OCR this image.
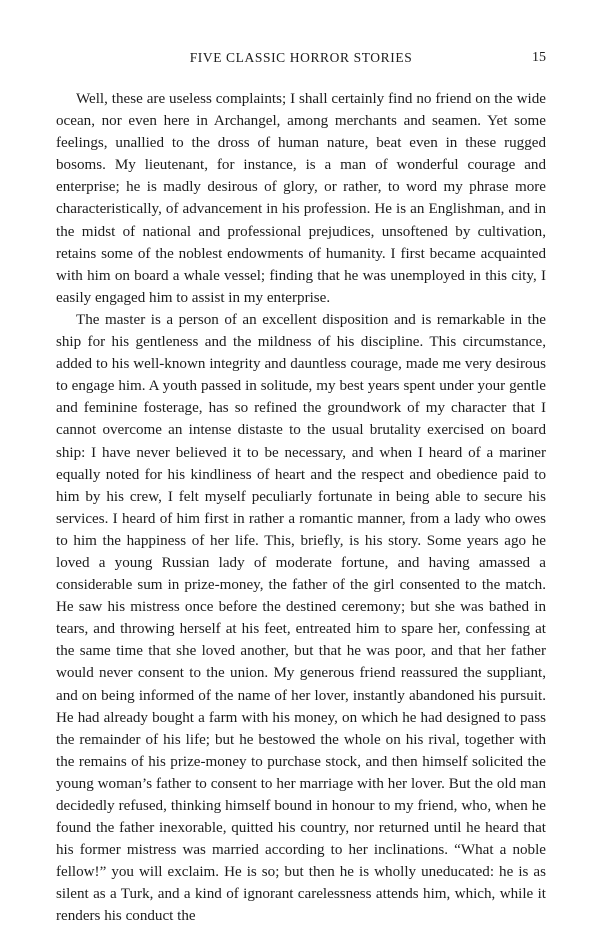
FIVE CLASSIC HORROR STORIES	15

Well, these are useless complaints; I shall certainly find no friend on the wide ocean, nor even here in Archangel, among merchants and seamen. Yet some feelings, unallied to the dross of human nature, beat even in these rugged bosoms. My lieutenant, for instance, is a man of wonderful courage and enterprise; he is madly desirous of glory, or rather, to word my phrase more characteristically, of advancement in his profession. He is an Englishman, and in the midst of national and professional prejudices, unsoftened by cultivation, retains some of the noblest endowments of humanity. I first became acquainted with him on board a whale vessel; finding that he was unemployed in this city, I easily engaged him to assist in my enterprise.

The master is a person of an excellent disposition and is remarkable in the ship for his gentleness and the mildness of his discipline. This circumstance, added to his well-known integrity and dauntless courage, made me very desirous to engage him. A youth passed in solitude, my best years spent under your gentle and feminine fosterage, has so refined the groundwork of my character that I cannot overcome an intense distaste to the usual brutality exercised on board ship: I have never believed it to be necessary, and when I heard of a mariner equally noted for his kindliness of heart and the respect and obedience paid to him by his crew, I felt myself peculiarly fortunate in being able to secure his services. I heard of him first in rather a romantic manner, from a lady who owes to him the happiness of her life. This, briefly, is his story. Some years ago he loved a young Russian lady of moderate fortune, and having amassed a considerable sum in prize-money, the father of the girl consented to the match. He saw his mistress once before the destined ceremony; but she was bathed in tears, and throwing herself at his feet, entreated him to spare her, confessing at the same time that she loved another, but that he was poor, and that her father would never consent to the union. My generous friend reassured the suppliant, and on being informed of the name of her lover, instantly abandoned his pursuit. He had already bought a farm with his money, on which he had designed to pass the remainder of his life; but he bestowed the whole on his rival, together with the remains of his prize-money to purchase stock, and then himself solicited the young woman’s father to consent to her marriage with her lover. But the old man decidedly refused, thinking himself bound in honour to my friend, who, when he found the father inexorable, quitted his country, nor returned until he heard that his former mistress was married according to her inclinations. “What a noble fellow!” you will exclaim. He is so; but then he is wholly uneducated: he is as silent as a Turk, and a kind of ignorant carelessness attends him, which, while it renders his conduct the
